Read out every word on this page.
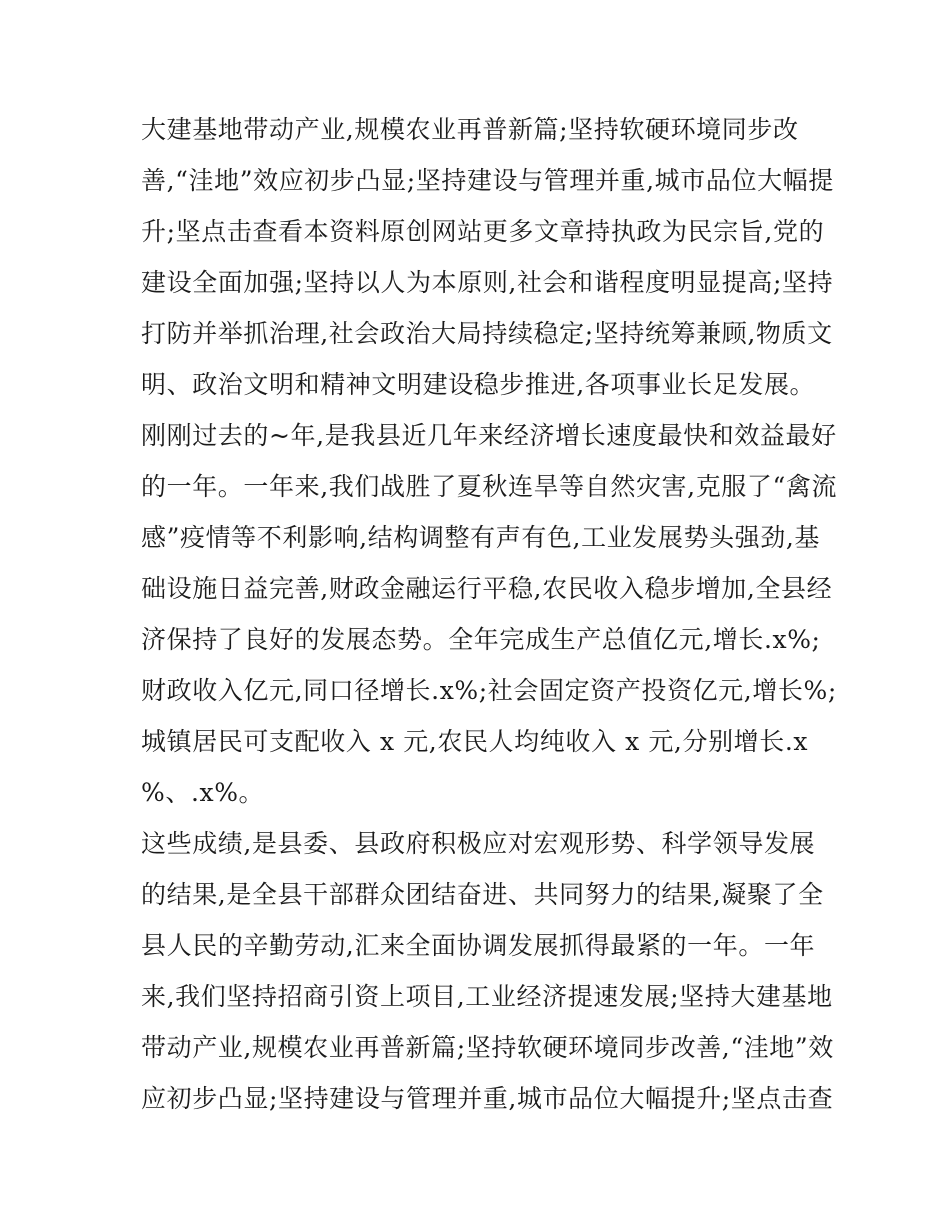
大建基地带动产业,规模农业再普新篇;坚持软硬环境同步改

善,“洼地”效应初步凸显;坚持建设与管理并重,城市品位大幅提

升;坚点击查看本资料原创网站更多文章持执政为民宗旨,党的

建设全面加强;坚持以人为本原则,社会和谐程度明显提高;坚持

打防并举抓治理,社会政治大局持续稳定;坚持统筹兼顾,物质文

明、政治文明和精神文明建设稳步推进,各项事业长足发展。

刚刚过去的~年,是我县近几年来经济增长速度最快和效益最好

的一年。一年来,我们战胜了夏秋连旱等自然灾害,克服了“禽流

感”疫情等不利影响,结构调整有声有色,工业发展势头强劲,基

础设施日益完善,财政金融运行平稳,农民收入稳步增加,全县经

济保持了良好的发展态势。全年完成生产总值亿元,增长.x%;

财政收入亿元,同口径增长.x%;社会固定资产投资亿元,增长%;

城镇居民可支配收入 x 元,农民人均纯收入 x 元,分别增长.x

%、.x%。

这些成绩,是县委、县政府积极应对宏观形势、科学领导发展

的结果,是全县干部群众团结奋进、共同努力的结果,凝聚了全

县人民的辛勤劳动,汇来全面协调发展抓得最紧的一年。一年

来,我们坚持招商引资上项目,工业经济提速发展;坚持大建基地

带动产业,规模农业再普新篇;坚持软硬环境同步改善,“洼地”效

应初步凸显;坚持建设与管理并重,城市品位大幅提升;坚点击查
